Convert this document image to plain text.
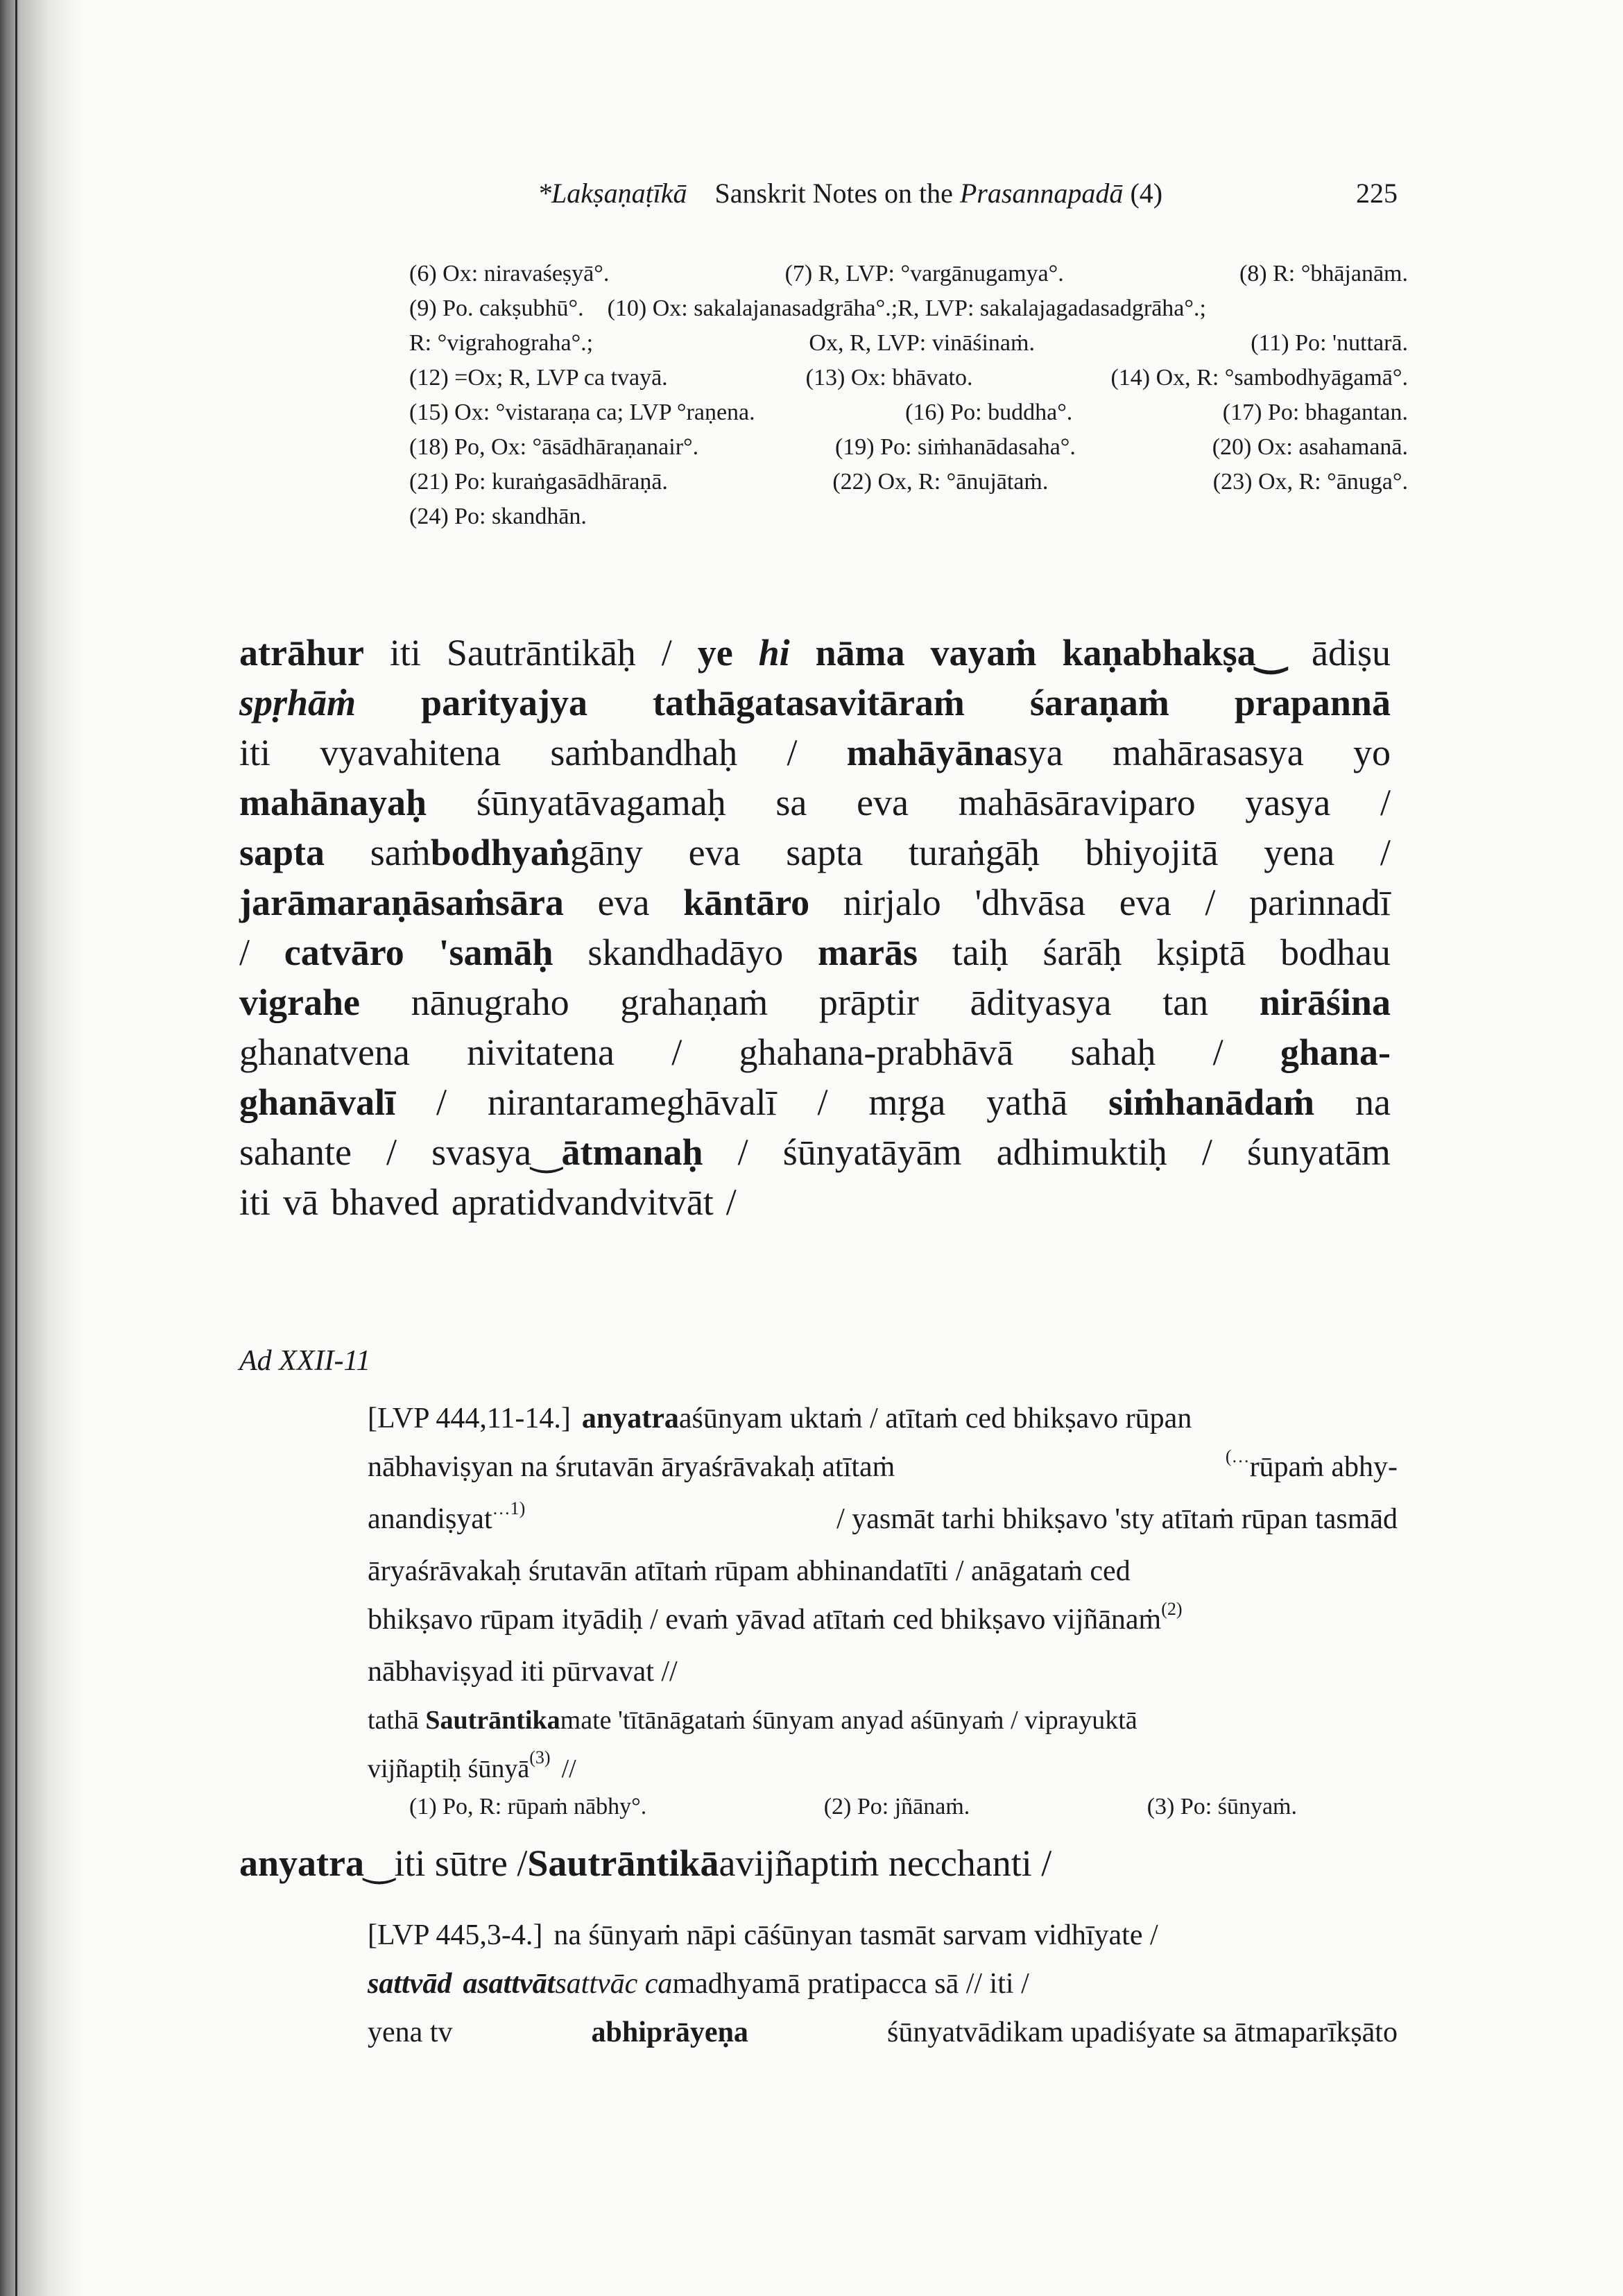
*Lakṣaṇaṭīkā Sanskrit Notes on the Prasannapadā (4)	225
(6) Ox: niravaśeṣyā°.	(7) R, LVP: °vargānugamya°.	(8) R: °bhājanām.
(9) Po. cakṣubhū°. (10) Ox: sakalajanasadgrāha°.;R, LVP: sakalajagadasadgrāha°.;
R: °vigrahograha°.;	Ox, R, LVP: vināśinaṁ.	(11) Po: 'nuttarā.
(12) =Ox; R, LVP ca tvayā.	(13) Ox: bhāvato.	(14) Ox, R: °sambodhyāgamā°.
(15) Ox: °vistaraṇa ca; LVP °raṇena.	(16) Po: buddha°.	(17) Po: bhagantan.
(18) Po, Ox: °āsādhāraṇanair°.	(19) Po: siṁhanādasaha°.	(20) Ox: asahamanā.
(21) Po: kuraṅgasādhāraṇā.	(22) Ox, R: °ānujātaṁ.	(23) Ox, R: °ānuga°.
(24) Po: skandhān.
atrāhur iti Sautrāntikāḥ / ye hi nāma vayaṁ kaṇabhakṣa‿ ādiṣu
spṛhāṁ parityajya tathāgatasavitāraṁ śaraṇaṁ prapannā
iti vyavahitena saṁbandhaḥ / mahāyānasya mahārasasya yo
mahānayaḥ śūnyatāvagamaḥ sa eva mahāsāraviparo yasya /
sapta saṁbodhyaṅgāny eva sapta turaṅgāḥ bhiyojitā yena /
jarāmaraṇāsaṁsāra eva kāntāro nirjalo 'dhvāsa eva / parinnadī
/ catvāro 'samāḥ skandhadāyo marās taiḥ śarāḥ kṣiptā bodhau
vigrahe nānugraho grahaṇaṁ prāptir ādityasya tan nirāśina
ghanatvena nivitatena / ghahana-prabhāvā sahaḥ / ghana-
ghanāvalī / nirantarameghāvalī / mṛga yathā siṁhanādaṁ na
sahante / svasya‿ātmanaḥ / śūnyatāyām adhimuktiḥ / śunyatām
iti vā bhaved apratidvandvitvāt /
Ad XXII-11
[LVP 444,11-14.] anyatraaśūnyam uktaṁ / atītaṁ ced bhikṣavo rūpan
nābhaviṣyan na śrutavān āryaśrāvakaḥ atītaṁ	(…rūpaṁ abhy-
anandiṣyat$^{\dots 1)}$	/ yasmāt tarhi bhikṣavo 'sty atītaṁ rūpan tasmād
āryaśrāvakaḥ śrutavān atītaṁ rūpam abhinandatīti / anāgataṁ ced
bhikṣavo rūpam ityādiḥ / evaṁ yāvad atītaṁ ced bhikṣavo vijñānaṁ$^{(2)}$
nābhaviṣyad iti pūrvavat //
tathā Sautrāntikamate 'tītānāgataṁ śūnyam anyad aśūnyaṁ / viprayuktā
vijñaptiḥ śūnyā$^{(3)}$ //
(1) Po, R: rūpaṁ nābhy°.	(2) Po: jñānaṁ.	(3) Po: śūnyaṁ.
anyatra‿iti sūtre / Sautrāntikā avijñaptiṁ necchanti /
[LVP 445,3-4.] na śūnyaṁ nāpi cāśūnyan tasmāt sarvam vidhīyate /
sattvād asattvāt sattvāc ca madhyamā pratipacca sā // iti /
yena tv	abhiprāyeṇa	śūnyatvādikam upadiśyate sa ātmaparīkṣāto
